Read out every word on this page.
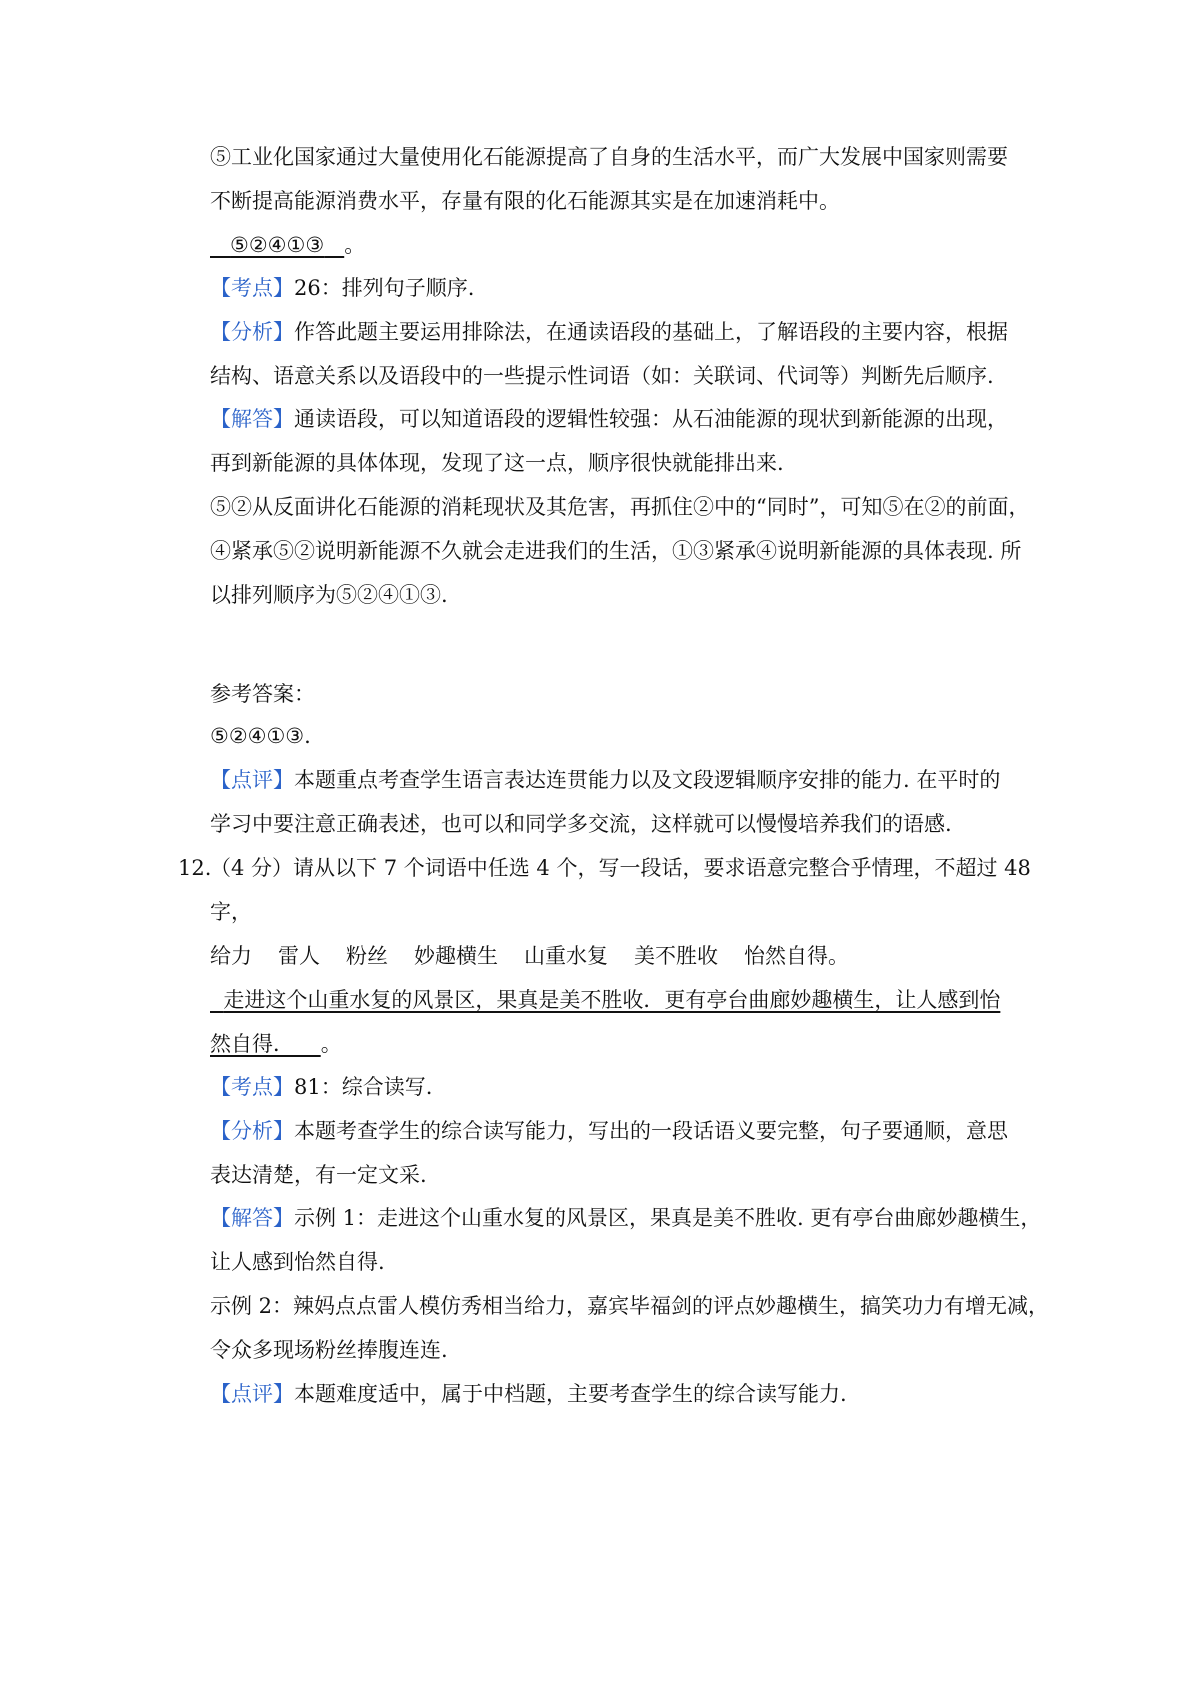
⑤工业化国家通过大量使用化石能源提高了自身的生活水平，而广大发展中国家则需要
不断提高能源消费水平，存量有限的化石能源其实是在加速消耗中。
⑤②④①③ 。
【考点】26：排列句子顺序.
【分析】作答此题主要运用排除法，在通读语段的基础上，了解语段的主要内容，根据
结构、语意关系以及语段中的一些提示性词语（如：关联词、代词等）判断先后顺序.
【解答】通读语段，可以知道语段的逻辑性较强：从石油能源的现状到新能源的出现，
再到新能源的具体体现，发现了这一点，顺序很快就能排出来.
⑤②从反面讲化石能源的消耗现状及其危害，再抓住②中的“同时”，可知⑤在②的前面，
④紧承⑤②说明新能源不久就会走进我们的生活，①③紧承④说明新能源的具体表现. 所
以排列顺序为⑤②④①③.
参考答案：
⑤②④①③.
【点评】本题重点考查学生语言表达连贯能力以及文段逻辑顺序安排的能力. 在平时的
学习中要注意正确表述，也可以和同学多交流，这样就可以慢慢培养我们的语感.
12.
（4 分）请从以下 7 个词语中任选 4 个，写一段话，要求语意完整合乎情理，不超过 48
字，
给力 雷人 粉丝 妙趣横生 山重水复 美不胜收 怡然自得。
走进这个山重水复的风景区，果真是美不胜收．更有亭台曲廊妙趣横生，让人感到怡
然自得． 。
【考点】81：综合读写.
【分析】本题考查学生的综合读写能力，写出的一段话语义要完整，句子要通顺，意思
表达清楚，有一定文采.
【解答】示例 1：走进这个山重水复的风景区，果真是美不胜收. 更有亭台曲廊妙趣横生，
让人感到怡然自得.
示例 2：辣妈点点雷人模仿秀相当给力，嘉宾毕福剑的评点妙趣横生，搞笑功力有增无减，
令众多现场粉丝捧腹连连.
【点评】本题难度适中，属于中档题，主要考查学生的综合读写能力.
